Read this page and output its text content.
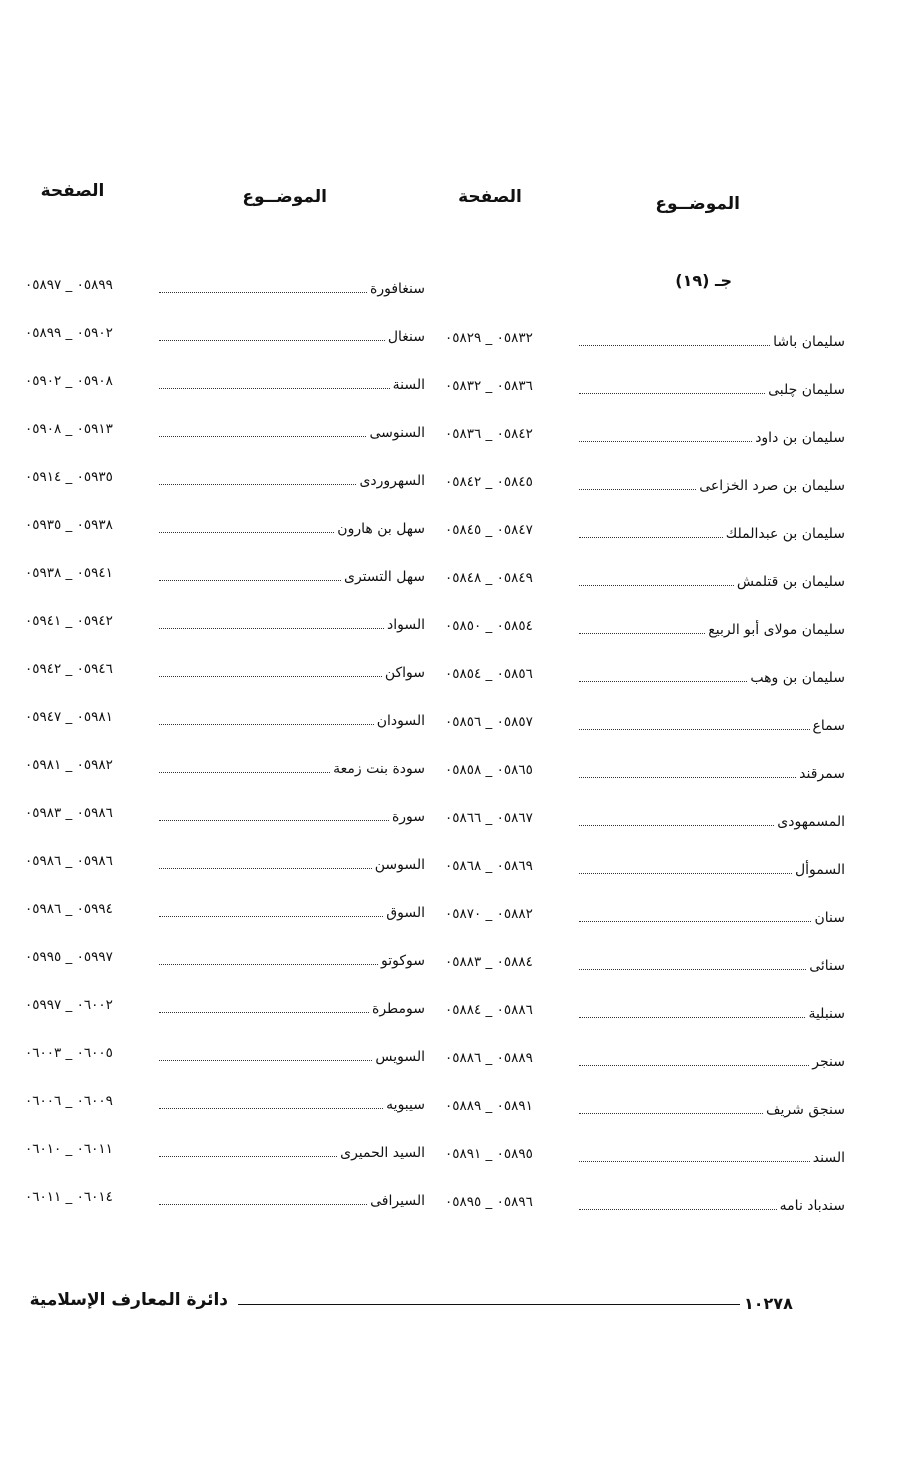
الموضــوع
الصفحة
الموضــوع
الصفحة
جـ (١٩)
سليمان باشا
٠٥٨٣٢ _ ٠٥٨٢٩
سليمان چلبى
٠٥٨٣٦ _ ٠٥٨٣٢
سليمان بن داود
٠٥٨٤٢ _ ٠٥٨٣٦
سليمان بن صرد الخزاعى
٠٥٨٤٥ _ ٠٥٨٤٢
سليمان بن عبدالملك
٠٥٨٤٧ _ ٠٥٨٤٥
سليمان بن قتلمش
٠٥٨٤٩ _ ٠٥٨٤٨
سليمان مولاى أبو الربيع
٠٥٨٥٤ _ ٠٥٨٥٠
سليمان بن وهب
٠٥٨٥٦ _ ٠٥٨٥٤
سماع
٠٥٨٥٧ _ ٠٥٨٥٦
سمرقند
٠٥٨٦٥ _ ٠٥٨٥٨
المسمهودى
٠٥٨٦٧ _ ٠٥٨٦٦
السموأل
٠٥٨٦٩ _ ٠٥٨٦٨
سنان
٠٥٨٨٢ _ ٠٥٨٧٠
سنائى
٠٥٨٨٤ _ ٠٥٨٨٣
سنبلية
٠٥٨٨٦ _ ٠٥٨٨٤
سنجر
٠٥٨٨٩ _ ٠٥٨٨٦
سنجق شريف
٠٥٨٩١ _ ٠٥٨٨٩
السند
٠٥٨٩٥ _ ٠٥٨٩١
سندباد نامه
٠٥٨٩٦ _ ٠٥٨٩٥
سنغافورة
٠٥٨٩٩ _ ٠٥٨٩٧
سنغال
٠٥٩٠٢ _ ٠٥٨٩٩
السنة
٠٥٩٠٨ _ ٠٥٩٠٢
السنوسى
٠٥٩١٣ _ ٠٥٩٠٨
السهروردى
٠٥٩٣٥ _ ٠٥٩١٤
سهل بن هارون
٠٥٩٣٨ _ ٠٥٩٣٥
سهل التسترى
٠٥٩٤١ _ ٠٥٩٣٨
السواد
٠٥٩٤٢ _ ٠٥٩٤١
سواكن
٠٥٩٤٦ _ ٠٥٩٤٢
السودان
٠٥٩٨١ _ ٠٥٩٤٧
سودة بنت زمعة
٠٥٩٨٢ _ ٠٥٩٨١
سورة
٠٥٩٨٦ _ ٠٥٩٨٣
السوسن
٠٥٩٨٦ _ ٠٥٩٨٦
السوق
٠٥٩٩٤ _ ٠٥٩٨٦
سوكوتو
٠٥٩٩٧ _ ٠٥٩٩٥
سومطرة
٠٦٠٠٢ _ ٠٥٩٩٧
السويس
٠٦٠٠٥ _ ٠٦٠٠٣
سيبويه
٠٦٠٠٩ _ ٠٦٠٠٦
السيد الحميرى
٠٦٠١١ _ ٠٦٠١٠
السيرافى
٠٦٠١٤ _ ٠٦٠١١
دائرة المعارف الإسلامية	١٠٢٧٨
